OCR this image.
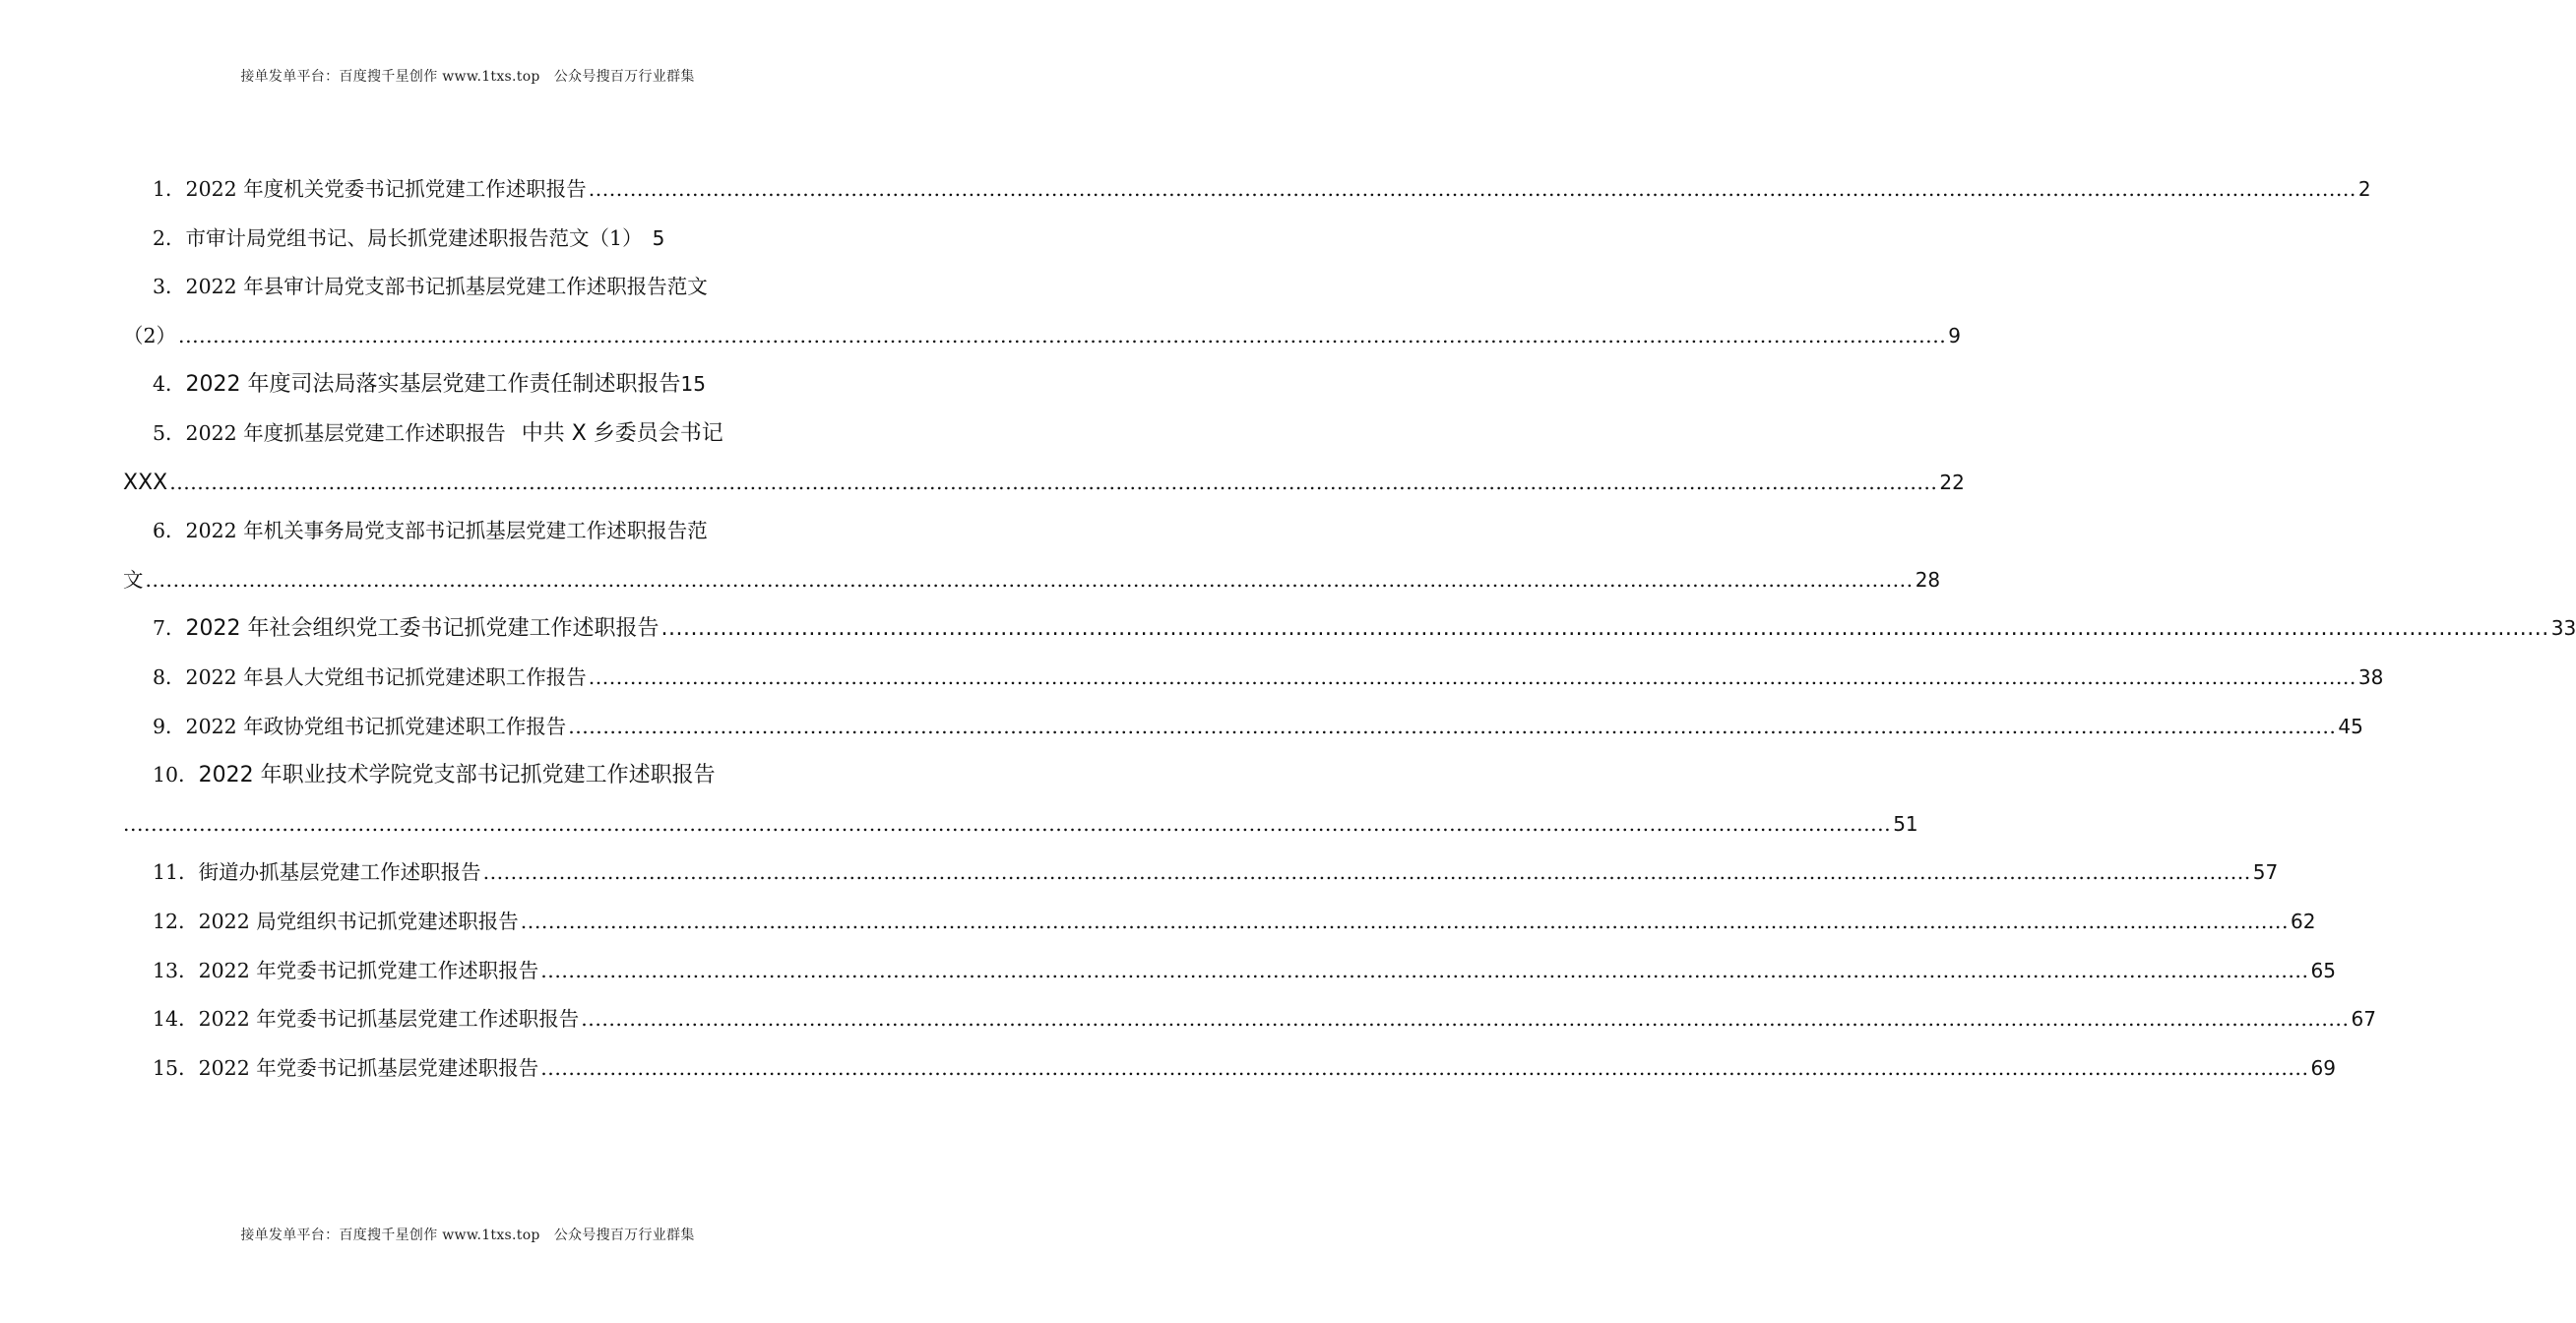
接单发单平台：百度搜千星创作 www.1txs.top 公众号搜百万行业群集
1． 2022 年度机关党委书记抓党建工作述职报告 .....	2
2． 市审计局党组书记、局长抓党建述职报告范文（1） 5
3． 2022 年县审计局党支部书记抓基层党建工作述职报告范文
（2） .....	9
4． 2022 年度司法局落实基层党建工作责任制述职报告 15
5． 2022 年度抓基层党建工作述职报告 中共 X 乡委员会书记
XXX .....	22
6． 2022 年机关事务局党支部书记抓基层党建工作述职报告范
文 .....	28
7． 2022 年社会组织党工委书记抓党建工作述职报告 .....	33
8． 2022 年县人大党组书记抓党建述职工作报告 .....	38
9． 2022 年政协党组书记抓党建述职工作报告 .....	45
10． 2022 年职业技术学院党支部书记抓党建工作述职报告
.....
51
11． 街道办抓基层党建工作述职报告 .....	57
12． 2022 局党组织书记抓党建述职报告 .....	62
13． 2022 年党委书记抓党建工作述职报告 .....	65
14． 2022 年党委书记抓基层党建工作述职报告 .....	67
15． 2022 年党委书记抓基层党建述职报告 .....	69
接单发单平台：百度搜千星创作 www.1txs.top 公众号搜百万行业群集
